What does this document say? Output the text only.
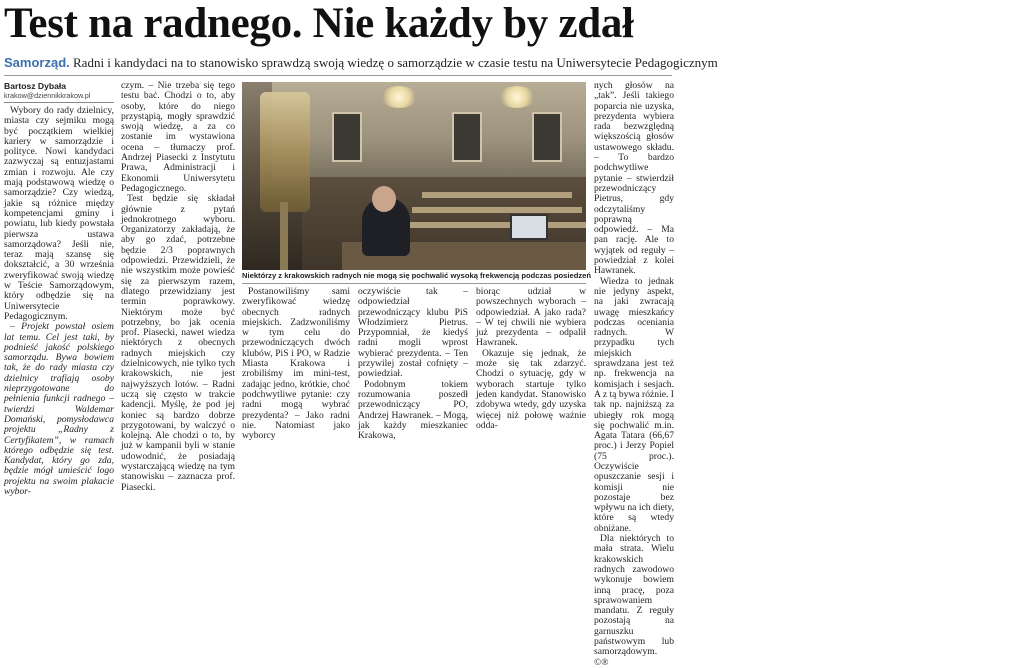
Test na radnego. Nie każdy by zdał
Samorząd. Radni i kandydaci na to stanowisko sprawdzą swoją wiedzę o samorządzie w czasie testu na Uniwersytecie Pedagogicznym

Bartosz Dybała

krakow@dziennikkrakow.pl

Wybory do rady dzielnicy, miasta czy sejmiku mogą być początkiem wielkiej kariery w samorządzie i polityce. Nowi kandydaci zazwyczaj są entuzjastami zmian i rozwoju. Ale czy mają podstawową wiedzę o samorządzie? Czy wiedzą, jakie są różnice między kompetencjami gminy i powiatu, lub kiedy powstała pierwsza ustawa samorządowa? Jeśli nie, teraz mają szansę się dokształcić, a 30 września zweryfikować swoją wiedzę w Teście Samorządowym, który odbędzie się na Uniwersytecie Pedagogicznym.

– Projekt powstał osiem lat temu. Cel jest taki, by podnieść jakość polskiego samorządu. Bywa bowiem tak, że do rady miasta czy dzielnicy trafiają osoby nieprzygotowane do pełnienia funkcji radnego – twierdzi Waldemar Domański, pomysłodawca projektu „Radny z Certyfikatem”, w ramach którego odbędzie się test. Kandydat, który go zda, będzie mógł umieścić logo projektu na swoim plakacie wybor-

czym. – Nie trzeba się tego testu bać. Chodzi o to, aby osoby, które do niego przystąpią, mogły sprawdzić swoją wiedzę, a za co zostanie im wystawiona ocena – tłumaczy prof. Andrzej Piasecki z Instytutu Prawa, Administracji i Ekonomii Uniwersytetu Pedagogicznego.

Test będzie się składał głównie z pytań jednokrotnego wyboru. Organizatorzy zakładają, że aby go zdać, potrzebne będzie 2/3 poprawnych odpowiedzi. Przewidzieli, że nie wszystkim może powieść się za pierwszym razem, dlatego przewidziany jest termin poprawkowy. Niektórym może być potrzebny, bo jak ocenia prof. Piasecki, nawet wiedza niektórych z obecnych radnych miejskich czy dzielnicowych, nie tylko tych krakowskich, nie jest najwyższych lotów. – Radni uczą się często w trakcie kadencji. Myślę, że pod jej koniec są bardzo dobrze przygotowani, by walczyć o kolejną. Ale chodzi o to, by już w kampanii byli w stanie udowodnić, że posiadają wystarczającą wiedzę na tym stanowisku – zaznacza prof. Piasecki.

Niektórzy z krakowskich radnych nie mogą się pochwalić wysoką frekwencją podczas posiedzeń

Postanowiliśmy sami zweryfikować wiedzę obecnych radnych miejskich. Zadzwoniliśmy w tym celu do przewodniczących dwóch klubów, PiS i PO, w Radzie Miasta Krakowa i zrobiliśmy im mini-test, zadając jedno, krótkie, choć podchwytliwe pytanie: czy radni mogą wybrać prezydenta? – Jako radni nie. Natomiast jako wyborcy

oczywiście tak – odpowiedział przewodniczący klubu PiS Włodzimierz Pietrus. Przypomniał, że kiedyś radni mogli wprost wybierać prezydenta. – Ten przywilej został cofnięty – powiedział.

Podobnym tokiem rozumowania poszedł przewodniczący PO, Andrzej Hawranek. – Mogą, jak każdy mieszkaniec Krakowa,

biorąc udział w powszechnych wyborach – odpowiedział. A jako rada? – W tej chwili nie wybiera już prezydenta – odpalił Hawranek.

Okazuje się jednak, że może się tak zdarzyć. Chodzi o sytuację, gdy w wyborach startuje tylko jeden kandydat. Stanowisko zdobywa wtedy, gdy uzyska więcej niż połowę ważnie odda-

nych głosów na „tak”. Jeśli takiego poparcia nie uzyska, prezydenta wybiera rada bezwzględną większością głosów ustawowego składu. – To bardzo podchwytliwe pytanie – stwierdził przewodniczący Pietrus, gdy odczytaliśmy poprawną odpowiedź. – Ma pan rację. Ale to wyjątek od reguły – powiedział z kolei Hawranek.

Wiedza to jednak nie jedyny aspekt, na jaki zwracają uwagę mieszkańcy podczas oceniania radnych. W przypadku tych miejskich sprawdzana jest też np. frekwencja na komisjach i sesjach. A z tą bywa różnie. I tak np. najniższą za ubiegły rok mogą się pochwalić m.in. Agata Tatara (66,67 proc.) i Jerzy Popiel (75 proc.). Oczywiście opuszczanie sesji i komisji nie pozostaje bez wpływu na ich diety, które są wtedy obniżane.

Dla niektórych to mała strata. Wielu krakowskich radnych zawodowo wykonuje bowiem inną pracę, poza sprawowaniem mandatu. Z reguły pozostają na garnuszku państwowym lub samorządowym. ©®
